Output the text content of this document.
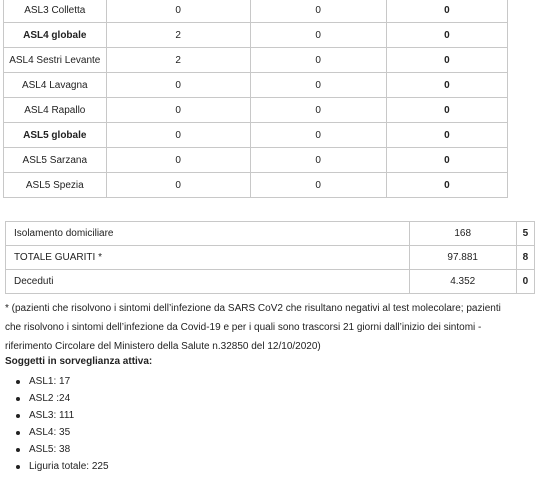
ASL3 Colletta	0	0	0
ASL4 globale	2	0	0
ASL4 Sestri Levante	2	0	0
ASL4 Lavagna	0	0	0
ASL4 Rapallo	0	0	0
ASL5 globale	0	0	0
ASL5 Sarzana	0	0	0
ASL5 Spezia	0	0	0
Isolamento domiciliare	168	5
TOTALE GUARITI *	97.881	8
Deceduti	4.352	0
* (pazienti che risolvono i sintomi dell’infezione da SARS CoV2 che risultano negativi al test molecolare; pazienti
che risolvono i sintomi dell’infezione da Covid-19 e per i quali sono trascorsi 21 giorni dall’inizio dei sintomi -
riferimento Circolare del Ministero della Salute n.32850 del 12/10/2020)
Soggetti in sorveglianza attiva:
ASL1: 17
ASL2 :24
ASL3: 111
ASL4: 35
ASL5: 38
Liguria totale: 225
